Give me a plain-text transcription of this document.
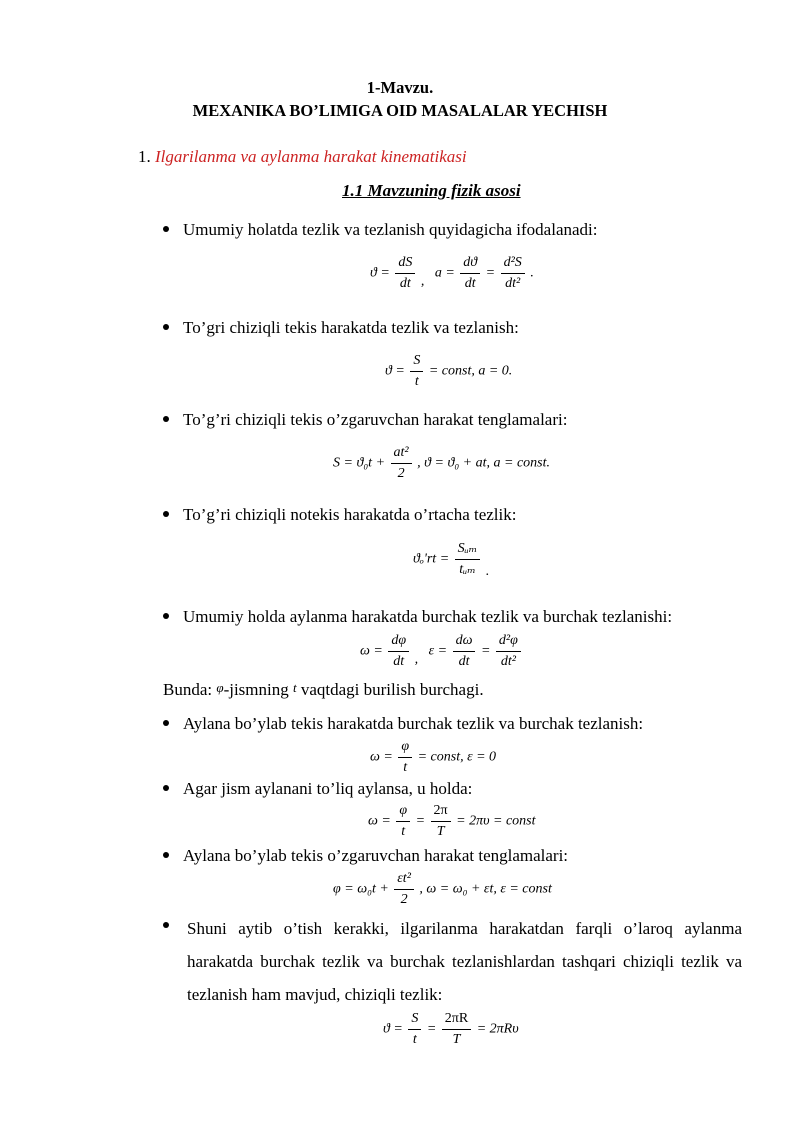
1-Mavzu.
MEXANIKA BO’LIMIGA OID MASALALAR YECHISH
1. Ilgarilanma va aylanma harakat kinematikasi
1.1 Mavzuning fizik asosi
Umumiy holatda tezlik va tezlanish quyidagicha ifodalanadi:
$ϑ = \frac{dS}{dt}$ ,   $a = \frac{dϑ}{dt} = \frac{\text{d²S}}{\text{dt²}}$ .
To’gri chiziqli tekis harakatda tezlik va tezlanish:
$ϑ = \frac{S}{t}$ = const, a = 0.
To’g’ri chiziqli tekis o’zgaruvchan harakat tenglamalari:
$S = ϑ_0t + \frac{\text{at²}}{2}$ , ϑ = ϑ₀ + at, a = const.
To’g’ri chiziqli notekis harakatda o’rtacha tezlik:
$ϑ_o'rt = \frac{\text{Sᵤₘ}}{\text{tᵤₘ}}$ .
Umumiy holda aylanma harakatda burchak tezlik va burchak tezlanishi:
$\omega = \frac{d\varphi}{dt}$ ,   $\varepsilon = \frac{d\omega}{dt} = \frac{\text{d²φ}}{\text{dt²}}$
Bunda: φ-jismning t vaqtdagi burilish burchagi.
Aylana bo’ylab tekis harakatda burchak tezlik va burchak tezlanish:
$\omega = \frac{\varphi}{t}$ = const, ε = 0
Agar jism aylanani to’liq aylansa, u holda:
$\omega = \frac{\varphi}{t} = \frac{2\pi}{T} = 2\pi\upsilon$ = const
Aylana bo’ylab tekis o’zgaruvchan harakat tenglamalari:
$\varphi = \omega_0t + \frac{\text{εt²}}{2}$ , ω = ω₀ + εt, ε = const
Shuni aytib o’tish kerakki, ilgarilanma harakatdan farqli o’laroq aylanma harakatda burchak tezlik va burchak tezlanishlardan tashqari chiziqli tezlik va tezlanish ham mavjud, chiziqli tezlik:
$ϑ = \frac{S}{t} = \frac{2\pi R}{T} = 2\pi R\upsilon$
